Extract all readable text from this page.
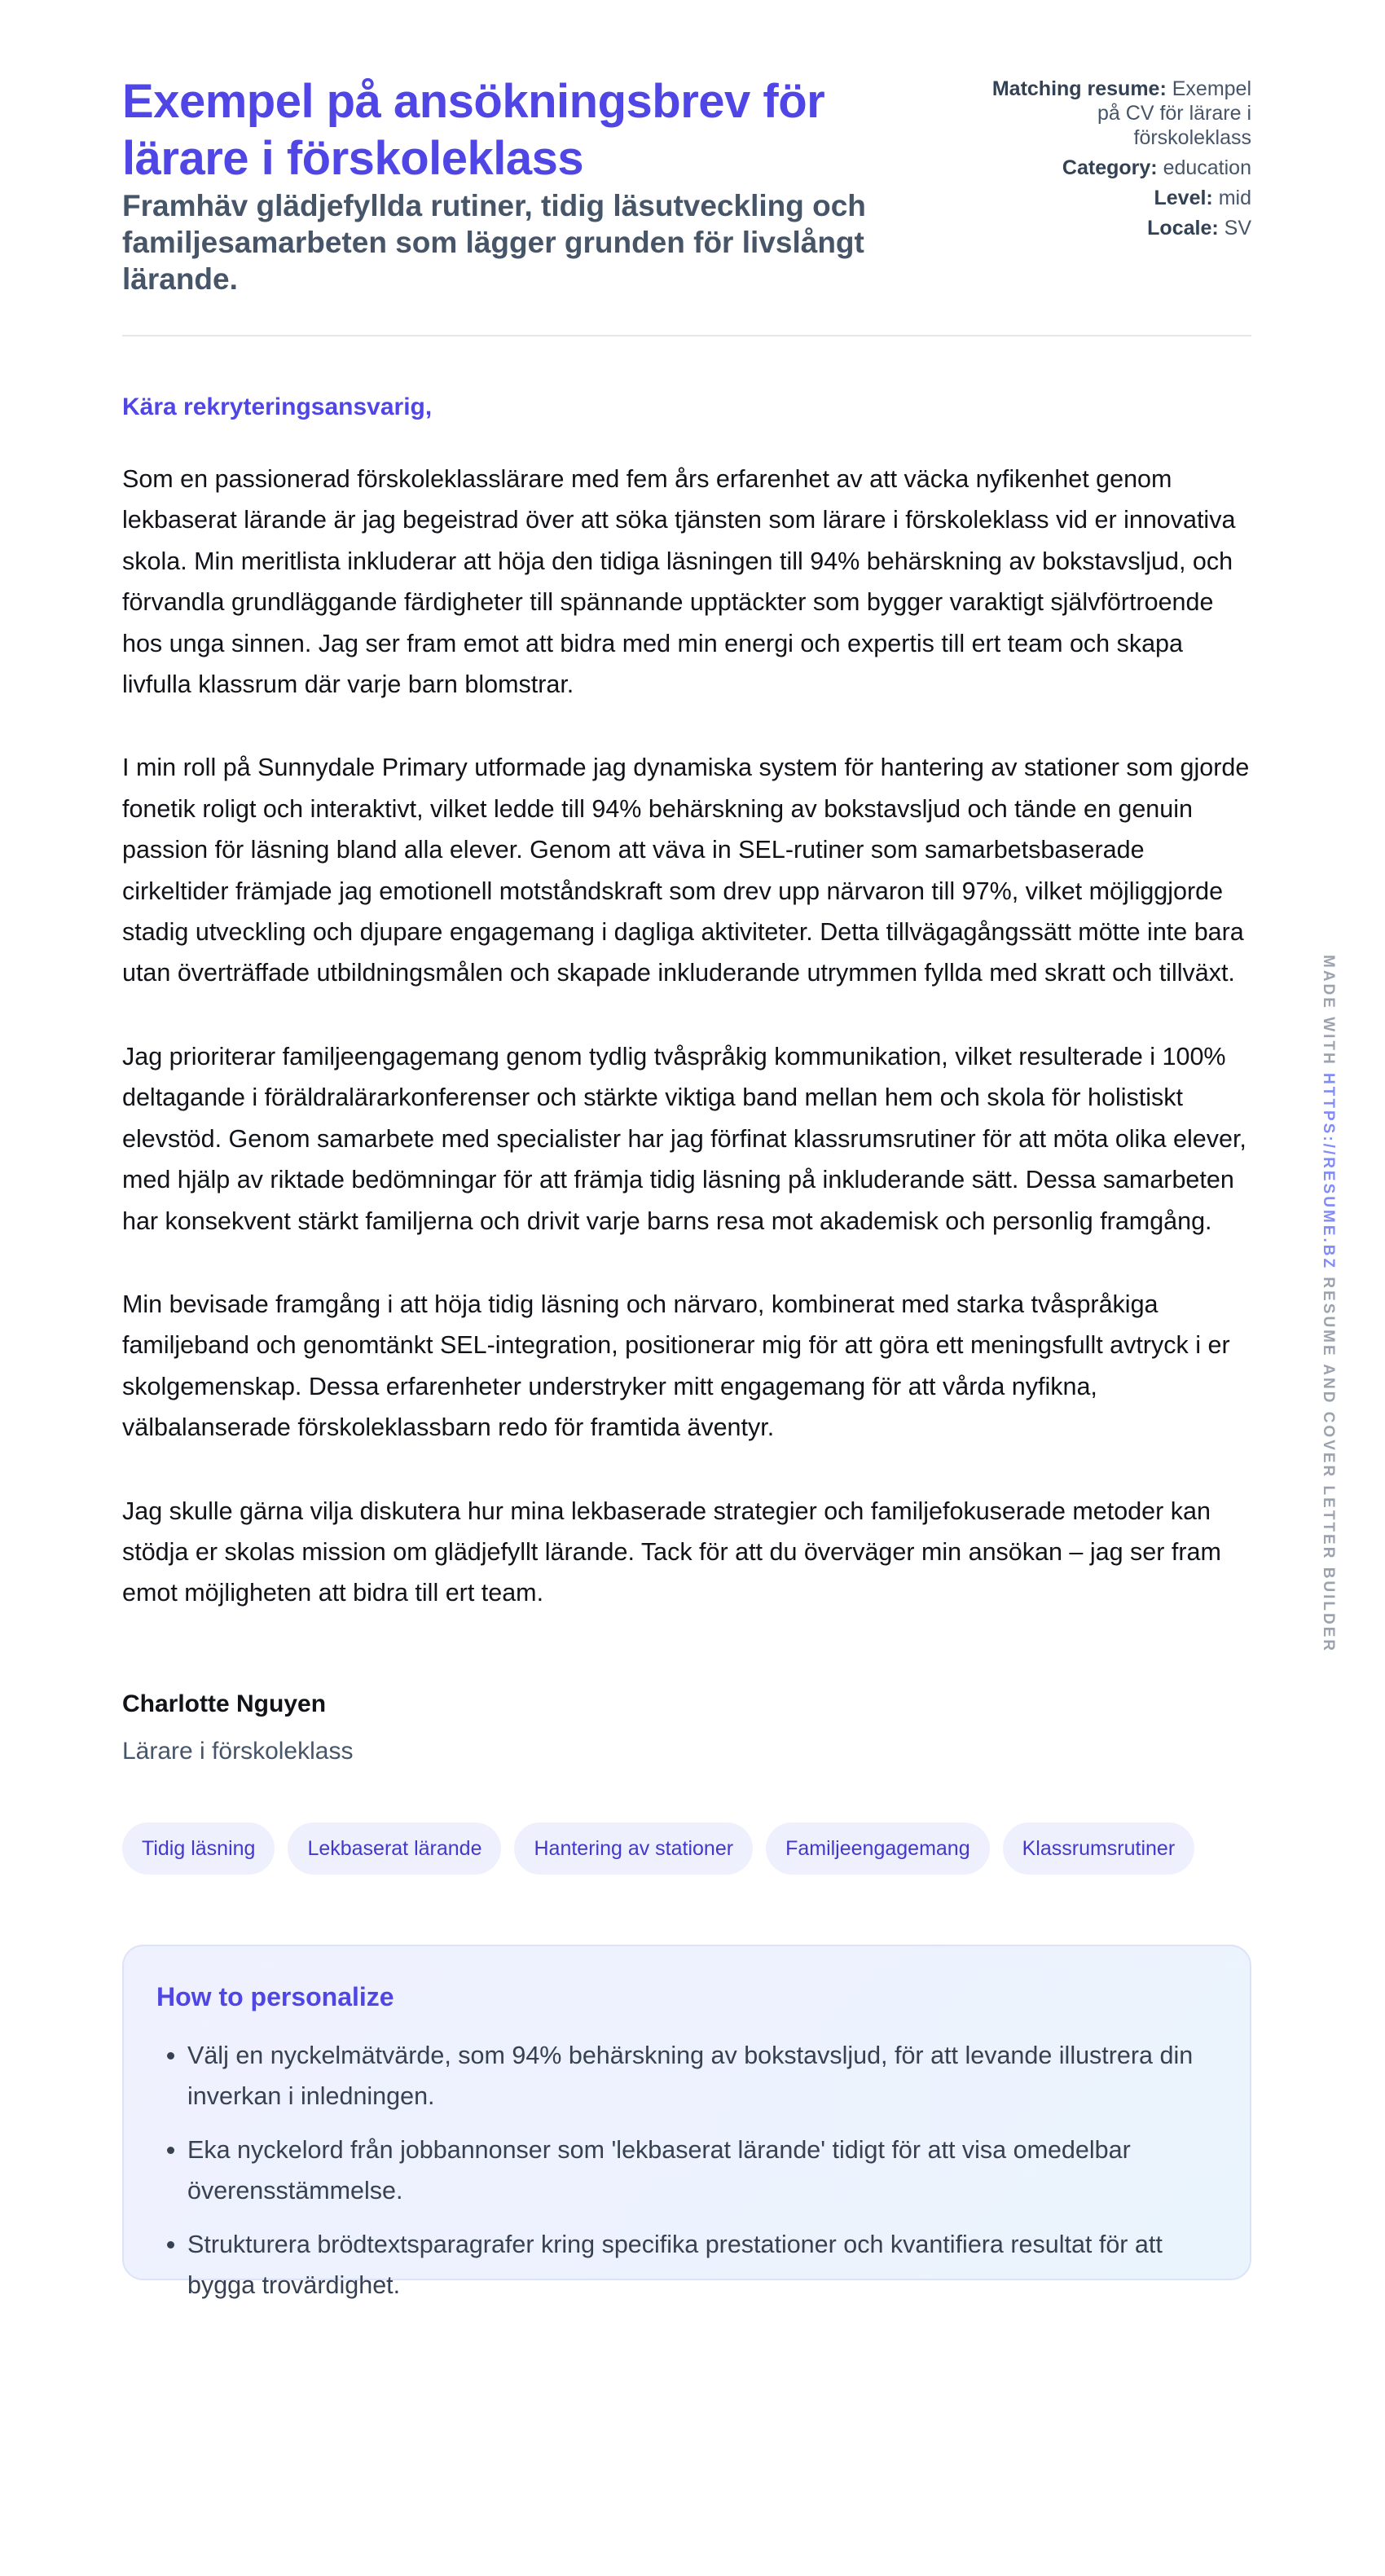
Exempel på ansökningsbrev för lärare i förskoleklass

Framhäv glädjefyllda rutiner, tidig läsutveckling och familjesamarbeten som lägger grunden för livslångt lärande.

Matching resume: Exempel på CV för lärare i förskoleklass
Category: education
Level: mid
Locale: SV
Kära rekryteringsansvarig,

Som en passionerad förskoleklasslärare med fem års erfarenhet av att väcka nyfikenhet genom lekbaserat lärande är jag begeistrad över att söka tjänsten som lärare i förskoleklass vid er innovativa skola. Min meritlista inkluderar att höja den tidiga läsningen till 94% behärskning av bokstavsljud, och förvandla grundläggande färdigheter till spännande upptäckter som bygger varaktigt självförtroende hos unga sinnen. Jag ser fram emot att bidra med min energi och expertis till ert team och skapa livfulla klassrum där varje barn blomstrar.

I min roll på Sunnydale Primary utformade jag dynamiska system för hantering av stationer som gjorde fonetik roligt och interaktivt, vilket ledde till 94% behärskning av bokstavsljud och tände en genuin passion för läsning bland alla elever. Genom att väva in SEL-rutiner som samarbetsbaserade cirkeltider främjade jag emotionell motståndskraft som drev upp närvaron till 97%, vilket möjliggjorde stadig utveckling och djupare engagemang i dagliga aktiviteter. Detta tillvägagångssätt mötte inte bara utan överträffade utbildningsmålen och skapade inkluderande utrymmen fyllda med skratt och tillväxt.

Jag prioriterar familjeengagemang genom tydlig tvåspråkig kommunikation, vilket resulterade i 100% deltagande i föräldralärarkonferenser och stärkte viktiga band mellan hem och skola för holistiskt elevstöd. Genom samarbete med specialister har jag förfinat klassrumsrutiner för att möta olika elever, med hjälp av riktade bedömningar för att främja tidig läsning på inkluderande sätt. Dessa samarbeten har konsekvent stärkt familjerna och drivit varje barns resa mot akademisk och personlig framgång.

Min bevisade framgång i att höja tidig läsning och närvaro, kombinerat med starka tvåspråkiga familjeband och genomtänkt SEL-integration, positionerar mig för att göra ett meningsfullt avtryck i er skolgemenskap. Dessa erfarenheter understryker mitt engagemang för att vårda nyfikna, välbalanserade förskoleklassbarn redo för framtida äventyr.

Jag skulle gärna vilja diskutera hur mina lekbaserade strategier och familjefokuserade metoder kan stödja er skolas mission om glädjefyllt lärande. Tack för att du överväger min ansökan – jag ser fram emot möjligheten att bidra till ert team.

Charlotte Nguyen
Lärare i förskoleklass
Tidig läsning	Lekbaserat lärande	Hantering av stationer	Familjeengagemang	Klassrumsrutiner
How to personalize
• Välj en nyckelmätvärde, som 94% behärskning av bokstavsljud, för att levande illustrera din inverkan i inledningen.
• Eka nyckelord från jobbannonser som 'lekbaserat lärande' tidigt för att visa omedelbar överensstämmelse.
• Strukturera brödtextsparagrafer kring specifika prestationer och kvantifiera resultat för att bygga trovärdighet.
MADE WITH HTTPS://RESUME.BZ RESUME AND COVER LETTER BUILDER
